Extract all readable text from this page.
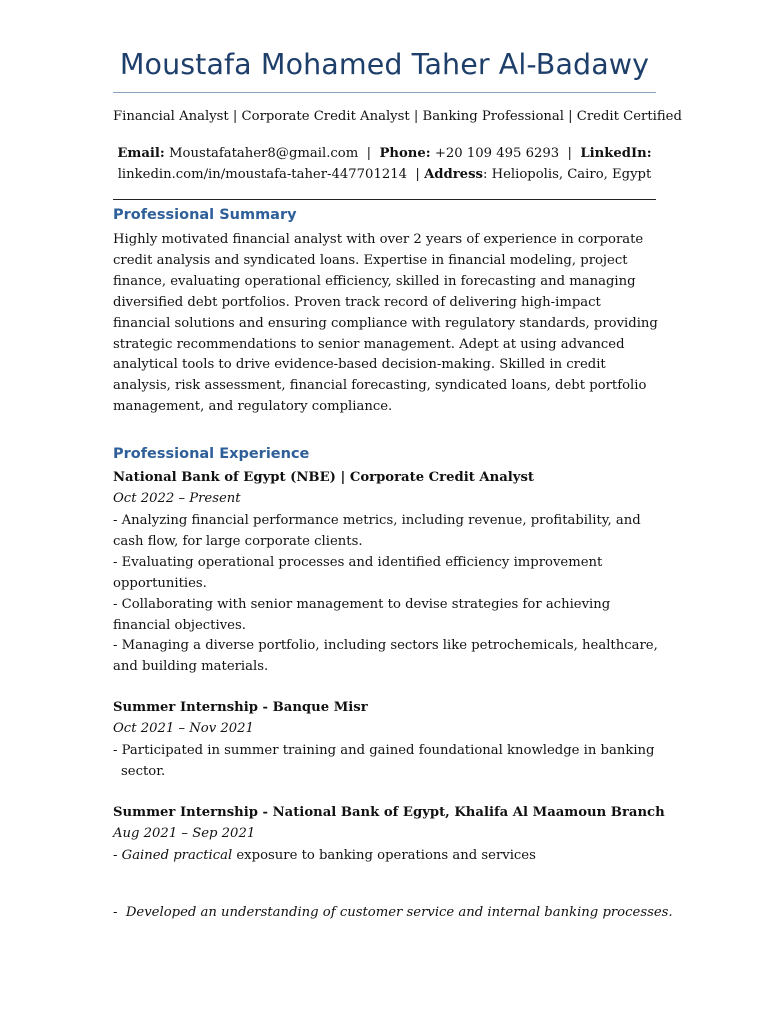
Moustafa Mohamed Taher Al-Badawy
Financial Analyst | Corporate Credit Analyst | Banking Professional | Credit Certified
Email: Moustafataher8@gmail.com | Phone: +20 109 495 6293 | LinkedIn:
linkedin.com/in/moustafa-taher-447701214 | Address: Heliopolis, Cairo, Egypt
Professional Summary
Highly motivated financial analyst with over 2 years of experience in corporate credit analysis and syndicated loans. Expertise in financial modeling, project finance, evaluating operational efficiency, skilled in forecasting and managing diversified debt portfolios. Proven track record of delivering high-impact financial solutions and ensuring compliance with regulatory standards, providing strategic recommendations to senior management. Adept at using advanced analytical tools to drive evidence-based decision-making. Skilled in credit analysis, risk assessment, financial forecasting, syndicated loans, debt portfolio management, and regulatory compliance.
Professional Experience
National Bank of Egypt (NBE) | Corporate Credit Analyst
Oct 2022 – Present

- Analyzing financial performance metrics, including revenue, profitability, and cash flow, for large corporate clients.

- Evaluating operational processes and identified efficiency improvement opportunities.

- Collaborating with senior management to devise strategies for achieving financial objectives.

- Managing a diverse portfolio, including sectors like petrochemicals, healthcare, and building materials.

Summer Internship - Banque Misr
Oct 2021 – Nov 2021

- Participated in summer training and gained foundational knowledge in banking sector.

Summer Internship - National Bank of Egypt, Khalifa Al Maamoun Branch
Aug 2021 – Sep 2021

- Gained practical exposure to banking operations and services

-  Developed an understanding of customer service and internal banking processes.
